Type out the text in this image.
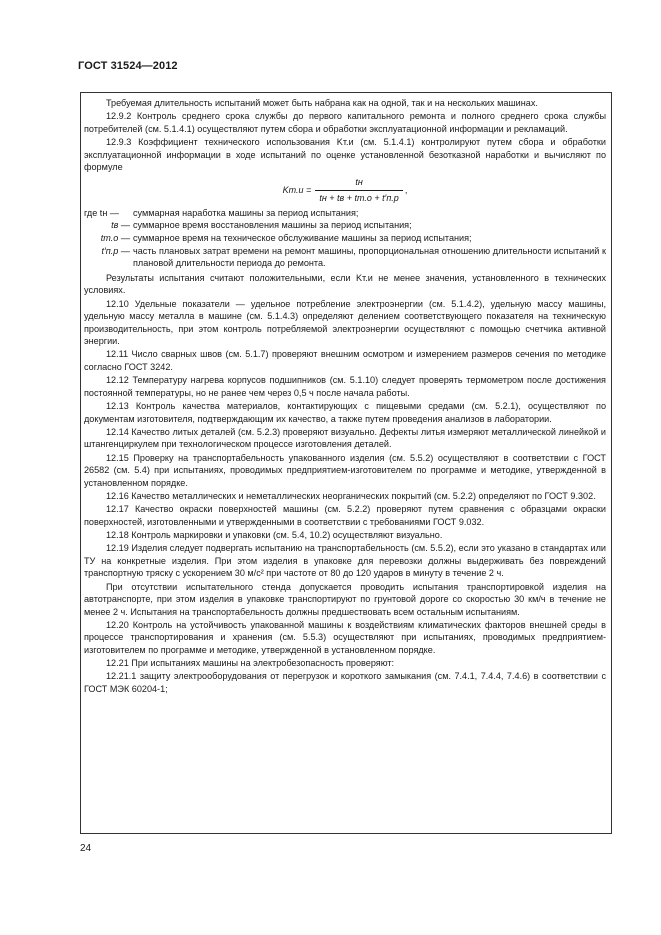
ГОСТ 31524—2012

Требуемая длительность испытаний может быть набрана как на одной, так и на нескольких машинах.

12.9.2 Контроль среднего срока службы до первого капитального ремонта и полного среднего срока службы потребителей (см. 5.1.4.1) осуществляют путем сбора и обработки эксплуатационной информации и рекламаций.

12.9.3 Коэффициент технического использования Kт.и (см. 5.1.4.1) контролируют путем сбора и обработки эксплуатационной информации в ходе испытаний по оценке установленной безотказной наработки и вычисляют по формуле

$Kт.и = \frac{tн}{tн + tв + tт.о + t'п.р}$ ,
где tн —	суммарная наработка машины за период испытания;
tв — суммарное время восстановления машины за период испытания;
tт.о — суммарное время на техническое обслуживание машины за период испытания;
t′п.р — часть плановых затрат времени на ремонт машины, пропорциональная отношению длительности испытаний к плановой длительности периода до ремонта.

Результаты испытания считают положительными, если Kт.и не менее значения, установленного в технических условиях.

12.10 Удельные показатели — удельное потребление электроэнергии (см. 5.1.4.2), удельную массу машины, удельную массу металла в машине (см. 5.1.4.3) определяют делением соответствующего показателя на техническую производительность, при этом контроль потребляемой электроэнергии осуществляют с помощью счетчика активной энергии.

12.11 Число сварных швов (см. 5.1.7) проверяют внешним осмотром и измерением размеров сечения по методике согласно ГОСТ 3242.

12.12 Температуру нагрева корпусов подшипников (см. 5.1.10) следует проверять термометром после достижения постоянной температуры, но не ранее чем через 0,5 ч после начала работы.

12.13 Контроль качества материалов, контактирующих с пищевыми средами (см. 5.2.1), осуществляют по документам изготовителя, подтверждающим их качество, а также путем проведения анализов в лаборатории.

12.14 Качество литых деталей (см. 5.2.3) проверяют визуально. Дефекты литья измеряют металлической линейкой и штангенциркулем при технологическом процессе изготовления деталей.

12.15 Проверку на транспортабельность упакованного изделия (см. 5.5.2) осуществляют в соответствии с ГОСТ 26582 (см. 5.4) при испытаниях, проводимых предприятием-изготовителем по программе и методике, утвержденной в установленном порядке.

12.16 Качество металлических и неметаллических неорганических покрытий (см. 5.2.2) определяют по ГОСТ 9.302.

12.17 Качество окраски поверхностей машины (см. 5.2.2) проверяют путем сравнения с образцами окраски поверхностей, изготовленными и утвержденными в соответствии с требованиями ГОСТ 9.032.

12.18 Контроль маркировки и упаковки (см. 5.4, 10.2) осуществляют визуально.

12.19 Изделия следует подвергать испытанию на транспортабельность (см. 5.5.2), если это указано в стандартах или ТУ на конкретные изделия. При этом изделия в упаковке для перевозки должны выдерживать без повреждений транспортную тряску с ускорением 30 м/с² при частоте от 80 до 120 ударов в минуту в течение 2 ч.

При отсутствии испытательного стенда допускается проводить испытания транспортировкой изделия на автотранспорте, при этом изделия в упаковке транспортируют по грунтовой дороге со скоростью 30 км/ч в течение не менее 2 ч. Испытания на транспортабельность должны предшествовать всем остальным испытаниям.

12.20 Контроль на устойчивость упакованной машины к воздействиям климатических факторов внешней среды в процессе транспортирования и хранения (см. 5.5.3) осуществляют при испытаниях, проводимых предприятием-изготовителем по программе и методике, утвержденной в установленном порядке.

12.21 При испытаниях машины на электробезопасность проверяют:

12.21.1 защиту электрооборудования от перегрузок и короткого замыкания (см. 7.4.1, 7.4.4, 7.4.6) в соответствии с ГОСТ МЭК 60204-1;

24
